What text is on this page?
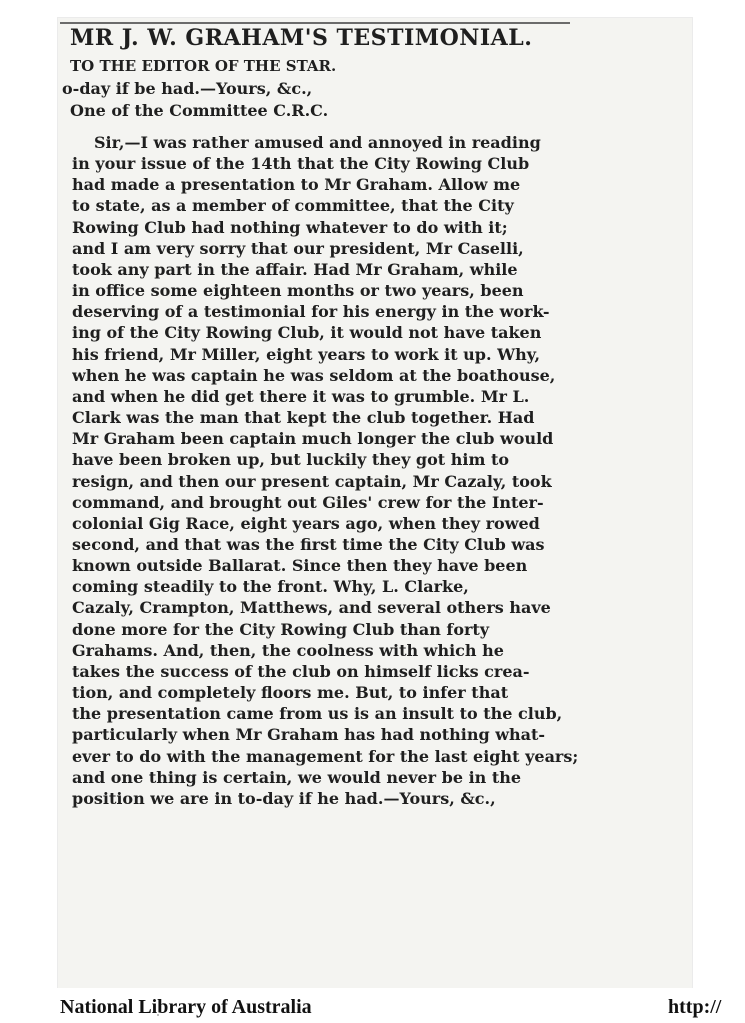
MR J. W. GRAHAM'S TESTIMONIAL.
TO THE EDITOR OF THE STAR.
o-day if be had.—Yours, &c.,
One of the Committee C.R.C.
Sir,—I was rather amused and annoyed in reading
in your issue of the 14th that the City Rowing Club
had made a presentation to Mr Graham. Allow me
to state, as a member of committee, that the City
Rowing Club had nothing whatever to do with it;
and I am very sorry that our president, Mr Caselli,
took any part in the affair. Had Mr Graham, while
in office some eighteen months or two years, been
deserving of a testimonial for his energy in the work-
ing of the City Rowing Club, it would not have taken
his friend, Mr Miller, eight years to work it up. Why,
when he was captain he was seldom at the boathouse,
and when he did get there it was to grumble. Mr L.
Clark was the man that kept the club together. Had
Mr Graham been captain much longer the club would
have been broken up, but luckily they got him to
resign, and then our present captain, Mr Cazaly, took
command, and brought out Giles' crew for the Inter-
colonial Gig Race, eight years ago, when they rowed
second, and that was the first time the City Club was
known outside Ballarat. Since then they have been
coming steadily to the front. Why, L. Clarke,
Cazaly, Crampton, Matthews, and several others have
done more for the City Rowing Club than forty
Grahams. And, then, the coolness with which he
takes the success of the club on himself licks crea-
tion, and completely floors me. But, to infer that
the presentation came from us is an insult to the club,
particularly when Mr Graham has had nothing what-
ever to do with the management for the last eight years;
and one thing is certain, we would never be in the
position we are in to-day if he had.—Yours, &c.,
National Library of Australia	http://
